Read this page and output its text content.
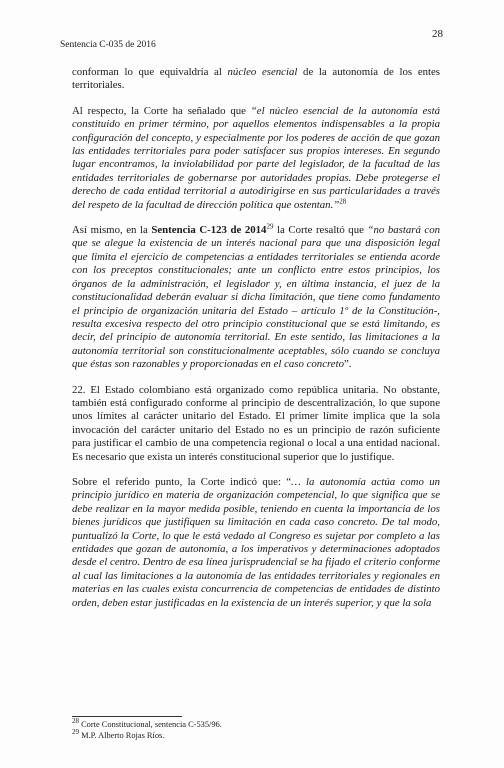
Sentencia C-035 de 2016
28

conforman lo que equivaldría al núcleo esencial de la autonomía de los entes territoriales.

Al respecto, la Corte ha señalado que “el núcleo esencial de la autonomía está constituido en primer término, por aquellos elementos indispensables a la propia configuración del concepto, y especialmente por los poderes de acción de que gozan las entidades territoriales para poder satisfacer sus propios intereses. En segundo lugar encontramos, la inviolabilidad por parte del legislador, de la facultad de las entidades territoriales de gobernarse por autoridades propias. Debe protegerse el derecho de cada entidad territorial a autodirigirse en sus particularidades a través del respeto de la facultad de dirección política que ostentan.”$^{28}$

Así mismo, en la Sentencia C-123 de 2014$^{29}$ la Corte resaltó que “no bastará con que se alegue la existencia de un interés nacional para que una disposición legal que limita el ejercicio de competencias a entidades territoriales se entienda acorde con los preceptos constitucionales; ante un conflicto entre estos principios, los órganos de la administración, el legislador y, en última instancia, el juez de la constitucionalidad deberán evaluar si dicha limitación, que tiene como fundamento el principio de organización unitaria del Estado – artículo 1º de la Constitución-, resulta excesiva respecto del otro principio constitucional que se está limitando, es decir, del principio de autonomía territorial. En este sentido, las limitaciones a la autonomía territorial son constitucionalmente aceptables, sólo cuando se concluya que éstas son razonables y proporcionadas en el caso concreto”.

22. El Estado colombiano está organizado como república unitaria. No obstante, también está configurado conforme al principio de descentralización, lo que supone unos límites al carácter unitario del Estado. El primer límite implica que la sola invocación del carácter unitario del Estado no es un principio de razón suficiente para justificar el cambio de una competencia regional o local a una entidad nacional. Es necesario que exista un interés constitucional superior que lo justifique.

Sobre el referido punto, la Corte indicó que: “… la autonomía actúa como un principio jurídico en materia de organización competencial, lo que significa que se debe realizar en la mayor medida posible, teniendo en cuenta la importancia de los bienes jurídicos que justifiquen su limitación en cada caso concreto. De tal modo, puntualizó la Corte, lo que le está vedado al Congreso es sujetar por completo a las entidades que gozan de autonomía, a los imperativos y determinaciones adoptados desde el centro. Dentro de esa línea jurisprudencial se ha fijado el criterio conforme al cual las limitaciones a la autonomía de las entidades territoriales y regionales en materias en las cuales exista concurrencia de competencias de entidades de distinto orden, deben estar justificadas en la existencia de un interés superior, y que la sola

$^{28}$ Corte Constitucional, sentencia C-535/96.
$^{29}$ M.P. Alberto Rojas Ríos.
